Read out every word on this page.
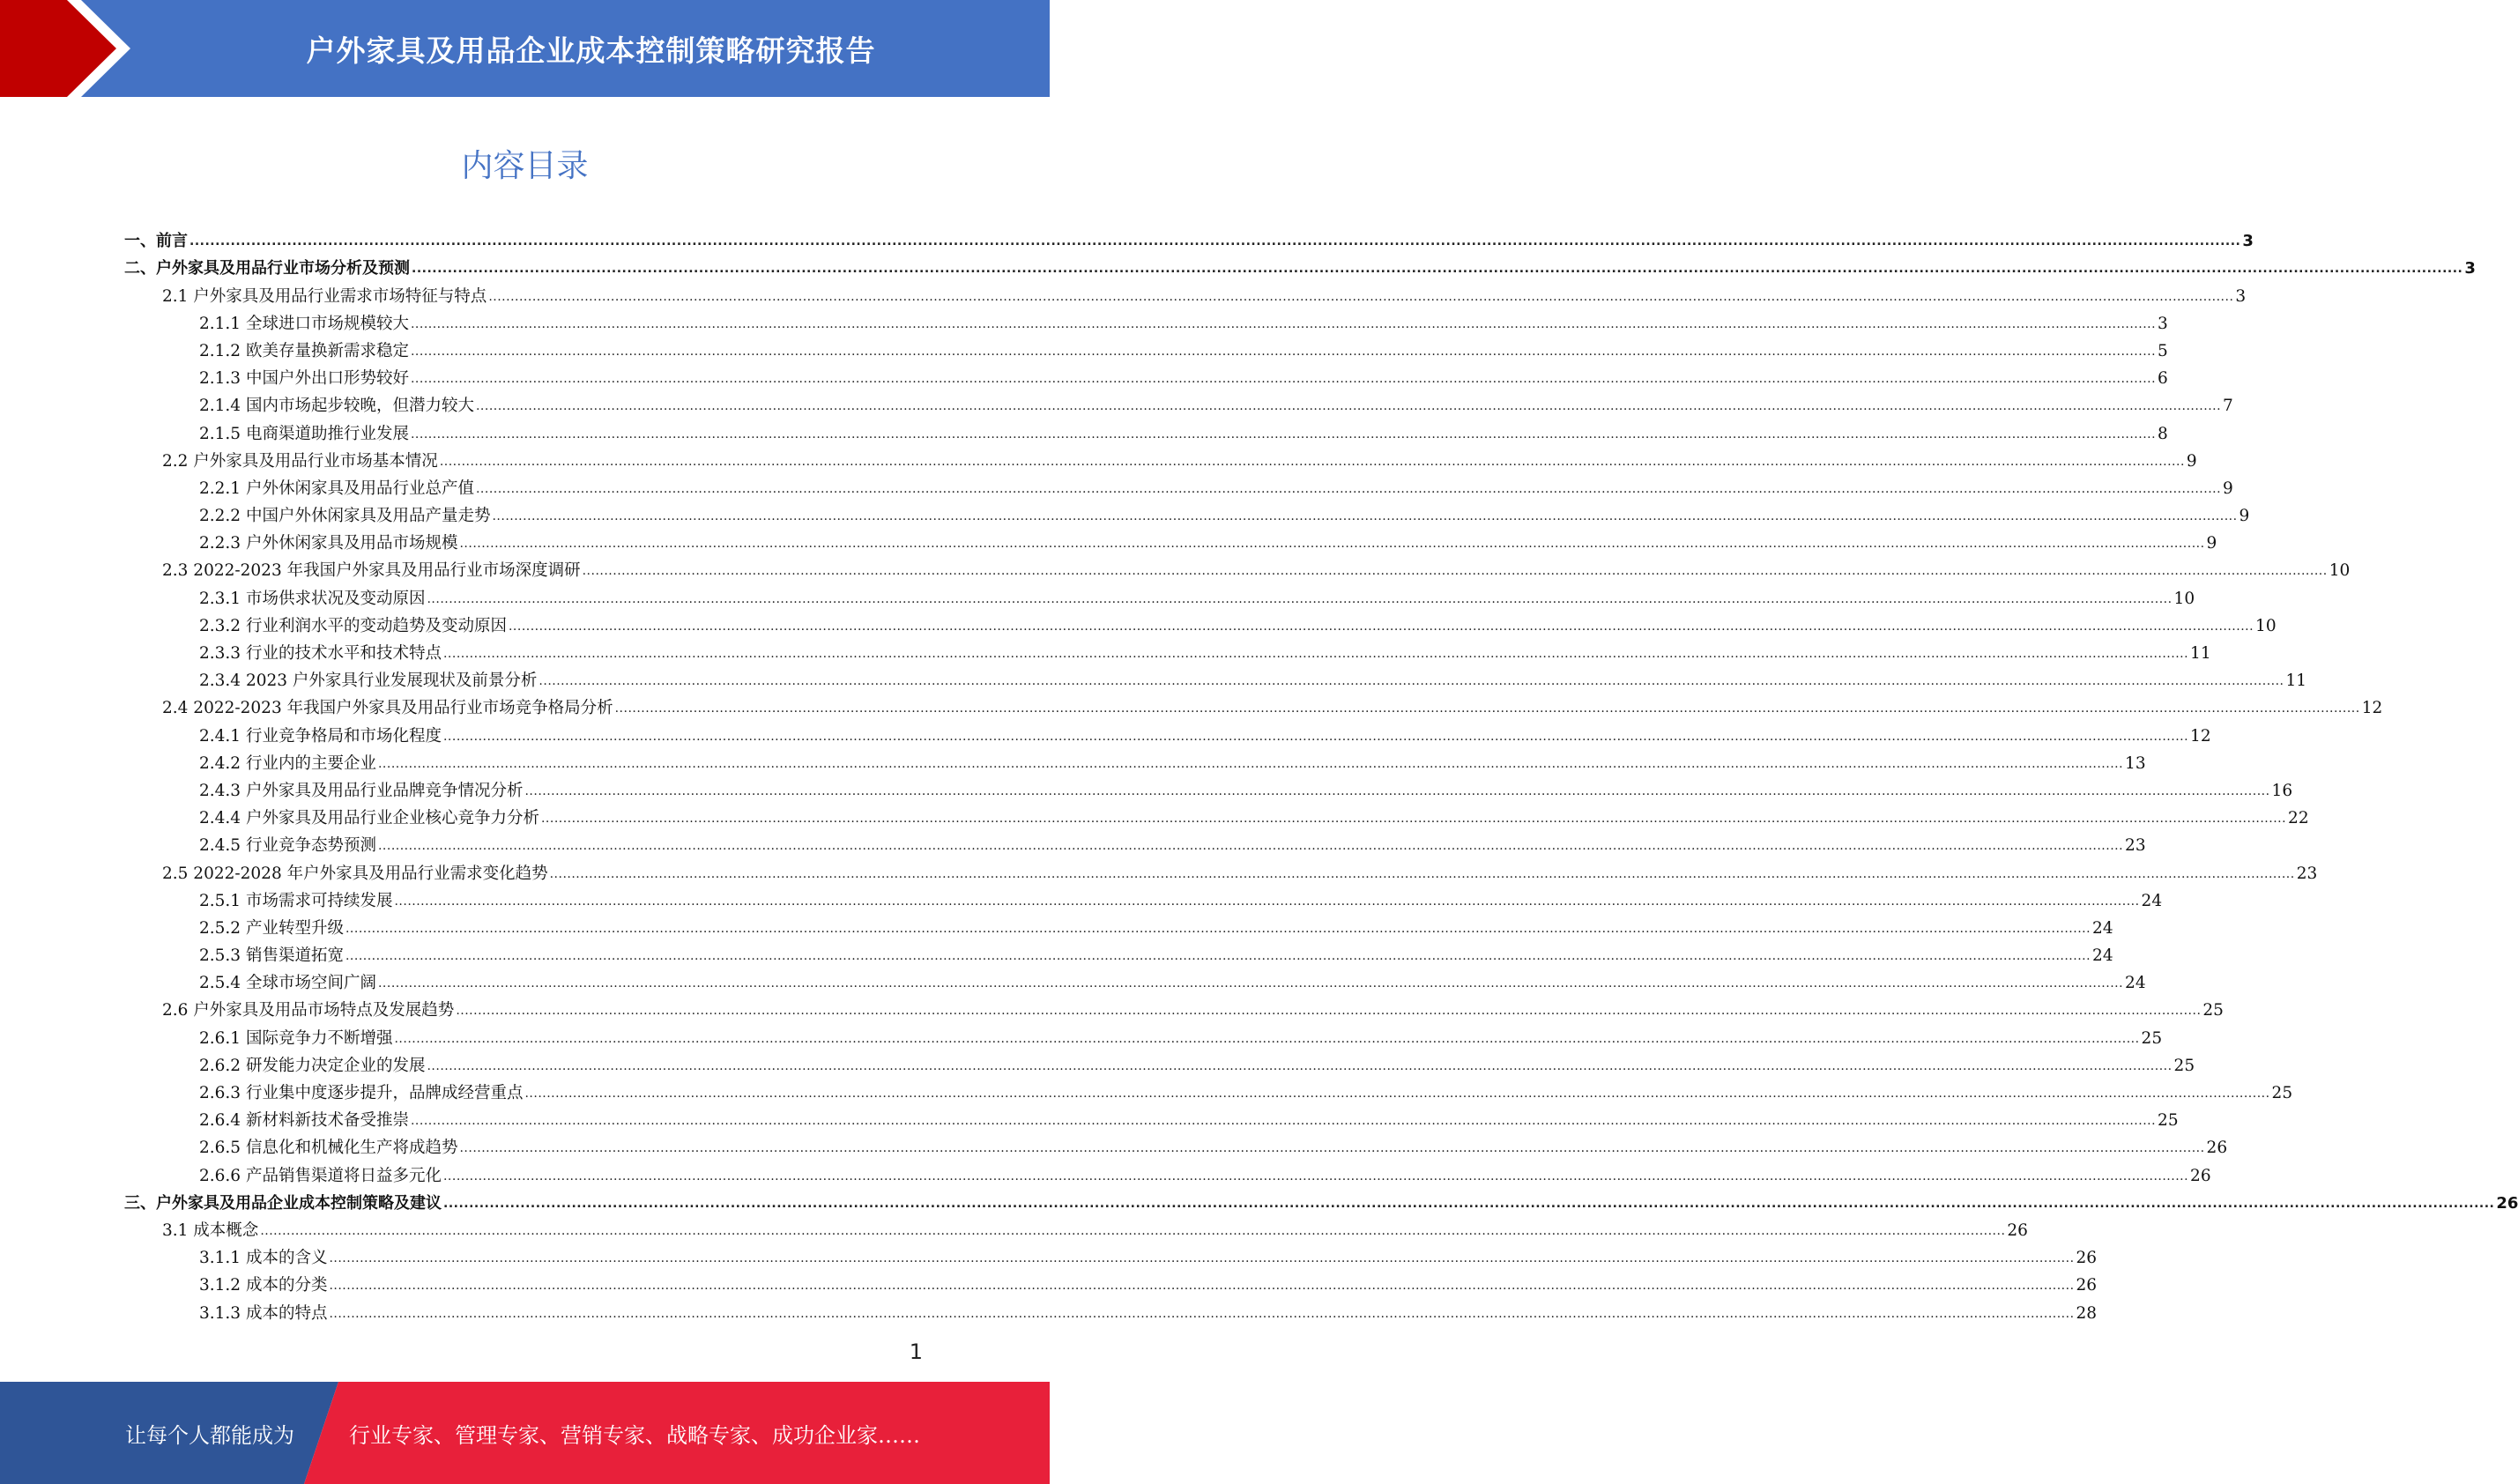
户外家具及用品企业成本控制策略研究报告
内容目录
一、前言 ................................................................................................................................................................................................................................................................................................................................................................................................................ 3
二、户外家具及用品行业市场分析及预测 ................................................................................................................................................................................................................................................................................................................................................................................................................ 3
2.1 户外家具及用品行业需求市场特征与特点 ................................................................................................................................................................................................................................................................................................................................................................................................................ 3
2.1.1 全球进口市场规模较大 ................................................................................................................................................................................................................................................................................................................................................................................................................ 3
2.1.2 欧美存量换新需求稳定 ................................................................................................................................................................................................................................................................................................................................................................................................................ 5
2.1.3 中国户外出口形势较好 ................................................................................................................................................................................................................................................................................................................................................................................................................ 6
2.1.4 国内市场起步较晚，但潜力较大 ................................................................................................................................................................................................................................................................................................................................................................................................................ 7
2.1.5 电商渠道助推行业发展 ................................................................................................................................................................................................................................................................................................................................................................................................................ 8
2.2 户外家具及用品行业市场基本情况 ................................................................................................................................................................................................................................................................................................................................................................................................................ 9
2.2.1 户外休闲家具及用品行业总产值 ................................................................................................................................................................................................................................................................................................................................................................................................................ 9
2.2.2 中国户外休闲家具及用品产量走势 ................................................................................................................................................................................................................................................................................................................................................................................................................ 9
2.2.3 户外休闲家具及用品市场规模 ................................................................................................................................................................................................................................................................................................................................................................................................................ 9
2.3 2022-2023 年我国户外家具及用品行业市场深度调研 ................................................................................................................................................................................................................................................................................................................................................................................................................ 10
2.3.1 市场供求状况及变动原因 ................................................................................................................................................................................................................................................................................................................................................................................................................ 10
2.3.2 行业利润水平的变动趋势及变动原因 ................................................................................................................................................................................................................................................................................................................................................................................................................ 10
2.3.3 行业的技术水平和技术特点 ................................................................................................................................................................................................................................................................................................................................................................................................................ 11
2.3.4 2023 户外家具行业发展现状及前景分析 ................................................................................................................................................................................................................................................................................................................................................................................................................ 11
2.4 2022-2023 年我国户外家具及用品行业市场竞争格局分析 ................................................................................................................................................................................................................................................................................................................................................................................................................ 12
2.4.1 行业竞争格局和市场化程度 ................................................................................................................................................................................................................................................................................................................................................................................................................ 12
2.4.2 行业内的主要企业 ................................................................................................................................................................................................................................................................................................................................................................................................................ 13
2.4.3 户外家具及用品行业品牌竞争情况分析 ................................................................................................................................................................................................................................................................................................................................................................................................................ 16
2.4.4 户外家具及用品行业企业核心竞争力分析 ................................................................................................................................................................................................................................................................................................................................................................................................................ 22
2.4.5 行业竞争态势预测 ................................................................................................................................................................................................................................................................................................................................................................................................................ 23
2.5 2022-2028 年户外家具及用品行业需求变化趋势 ................................................................................................................................................................................................................................................................................................................................................................................................................ 23
2.5.1 市场需求可持续发展 ................................................................................................................................................................................................................................................................................................................................................................................................................ 24
2.5.2 产业转型升级 ................................................................................................................................................................................................................................................................................................................................................................................................................ 24
2.5.3 销售渠道拓宽 ................................................................................................................................................................................................................................................................................................................................................................................................................ 24
2.5.4 全球市场空间广阔 ................................................................................................................................................................................................................................................................................................................................................................................................................ 24
2.6 户外家具及用品市场特点及发展趋势 ................................................................................................................................................................................................................................................................................................................................................................................................................ 25
2.6.1 国际竞争力不断增强 ................................................................................................................................................................................................................................................................................................................................................................................................................ 25
2.6.2 研发能力决定企业的发展 ................................................................................................................................................................................................................................................................................................................................................................................................................ 25
2.6.3 行业集中度逐步提升，品牌成经营重点 ................................................................................................................................................................................................................................................................................................................................................................................................................ 25
2.6.4 新材料新技术备受推崇 ................................................................................................................................................................................................................................................................................................................................................................................................................ 25
2.6.5 信息化和机械化生产将成趋势 ................................................................................................................................................................................................................................................................................................................................................................................................................ 26
2.6.6 产品销售渠道将日益多元化 ................................................................................................................................................................................................................................................................................................................................................................................................................ 26
三、户外家具及用品企业成本控制策略及建议 ................................................................................................................................................................................................................................................................................................................................................................................................................ 26
3.1 成本概念 ................................................................................................................................................................................................................................................................................................................................................................................................................ 26
3.1.1 成本的含义 ................................................................................................................................................................................................................................................................................................................................................................................................................ 26
3.1.2 成本的分类 ................................................................................................................................................................................................................................................................................................................................................................................................................ 26
3.1.3 成本的特点 ................................................................................................................................................................................................................................................................................................................................................................................................................ 28
1
让每个人都能成为	行业专家、管理专家、营销专家、战略专家、成功企业家……
